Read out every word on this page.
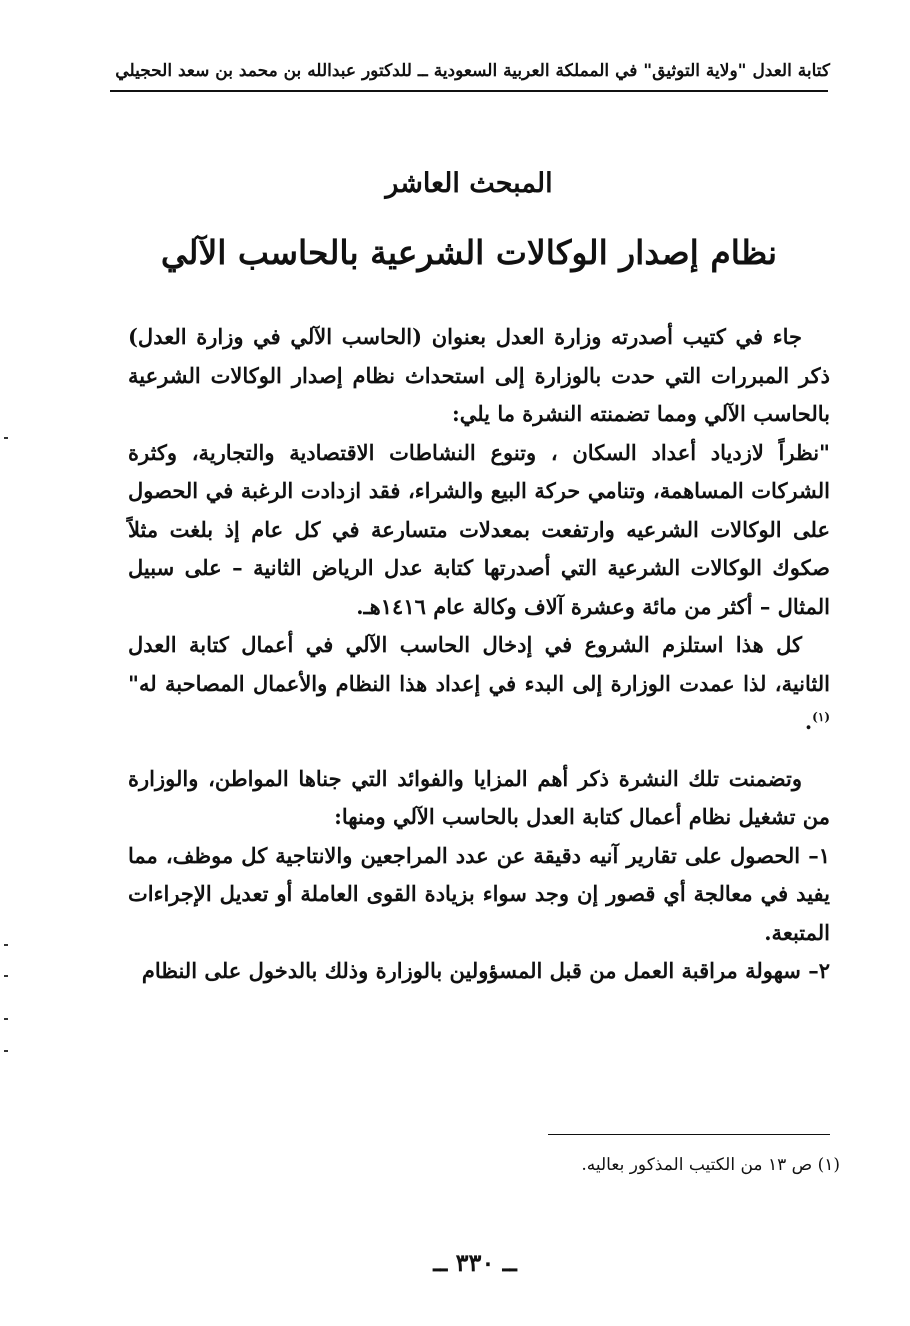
كتابة العدل "ولاية التوثيق" في المملكة العربية السعودية ــ للدكتور عبدالله بن محمد بن سعد الحجيلي
المبحث العاشر
نظام إصدار الوكالات الشرعية بالحاسب الآلي

جاء في كتيب أصدرته وزارة العدل بعنوان (الحاسب الآلي في وزارة العدل) ذكر المبررات التي حدت بالوزارة إلى استحداث نظام إصدار الوكالات الشرعية بالحاسب الآلي ومما تضمنته النشرة ما يلي:

"نظراً لازدياد أعداد السكان ، وتنوع النشاطات الاقتصادية والتجارية، وكثرة الشركات المساهمة، وتنامي حركة البيع والشراء، فقد ازدادت الرغبة في الحصول على الوكالات الشرعيه وارتفعت بمعدلات متسارعة في كل عام إذ بلغت مثلاً صكوك الوكالات الشرعية التي أصدرتها كتابة عدل الرياض الثانية – على سبيل المثال – أكثر من مائة وعشرة آلاف وكالة عام ١٤١٦هـ.

كل هذا استلزم الشروع في إدخال الحاسب الآلي في أعمال كتابة العدل الثانية، لذا عمدت الوزارة إلى البدء في إعداد هذا النظام والأعمال المصاحبة له"$^{(١)}$.

وتضمنت تلك النشرة ذكر أهم المزايا والفوائد التي جناها المواطن، والوزارة من تشغيل نظام أعمال كتابة العدل بالحاسب الآلي ومنها:

١– الحصول على تقارير آنيه دقيقة عن عدد المراجعين والانتاجية كل موظف، مما يفيد في معالجة أي قصور إن وجد سواء بزيادة القوى العاملة أو تعديل الإجراءات المتبعة.

٢– سهولة مراقبة العمل من قبل المسؤولين بالوزارة وذلك بالدخول على النظام

(١) ص ١٣ من الكتيب المذكور بعاليه.
ــ ٣٣٠ ــ
